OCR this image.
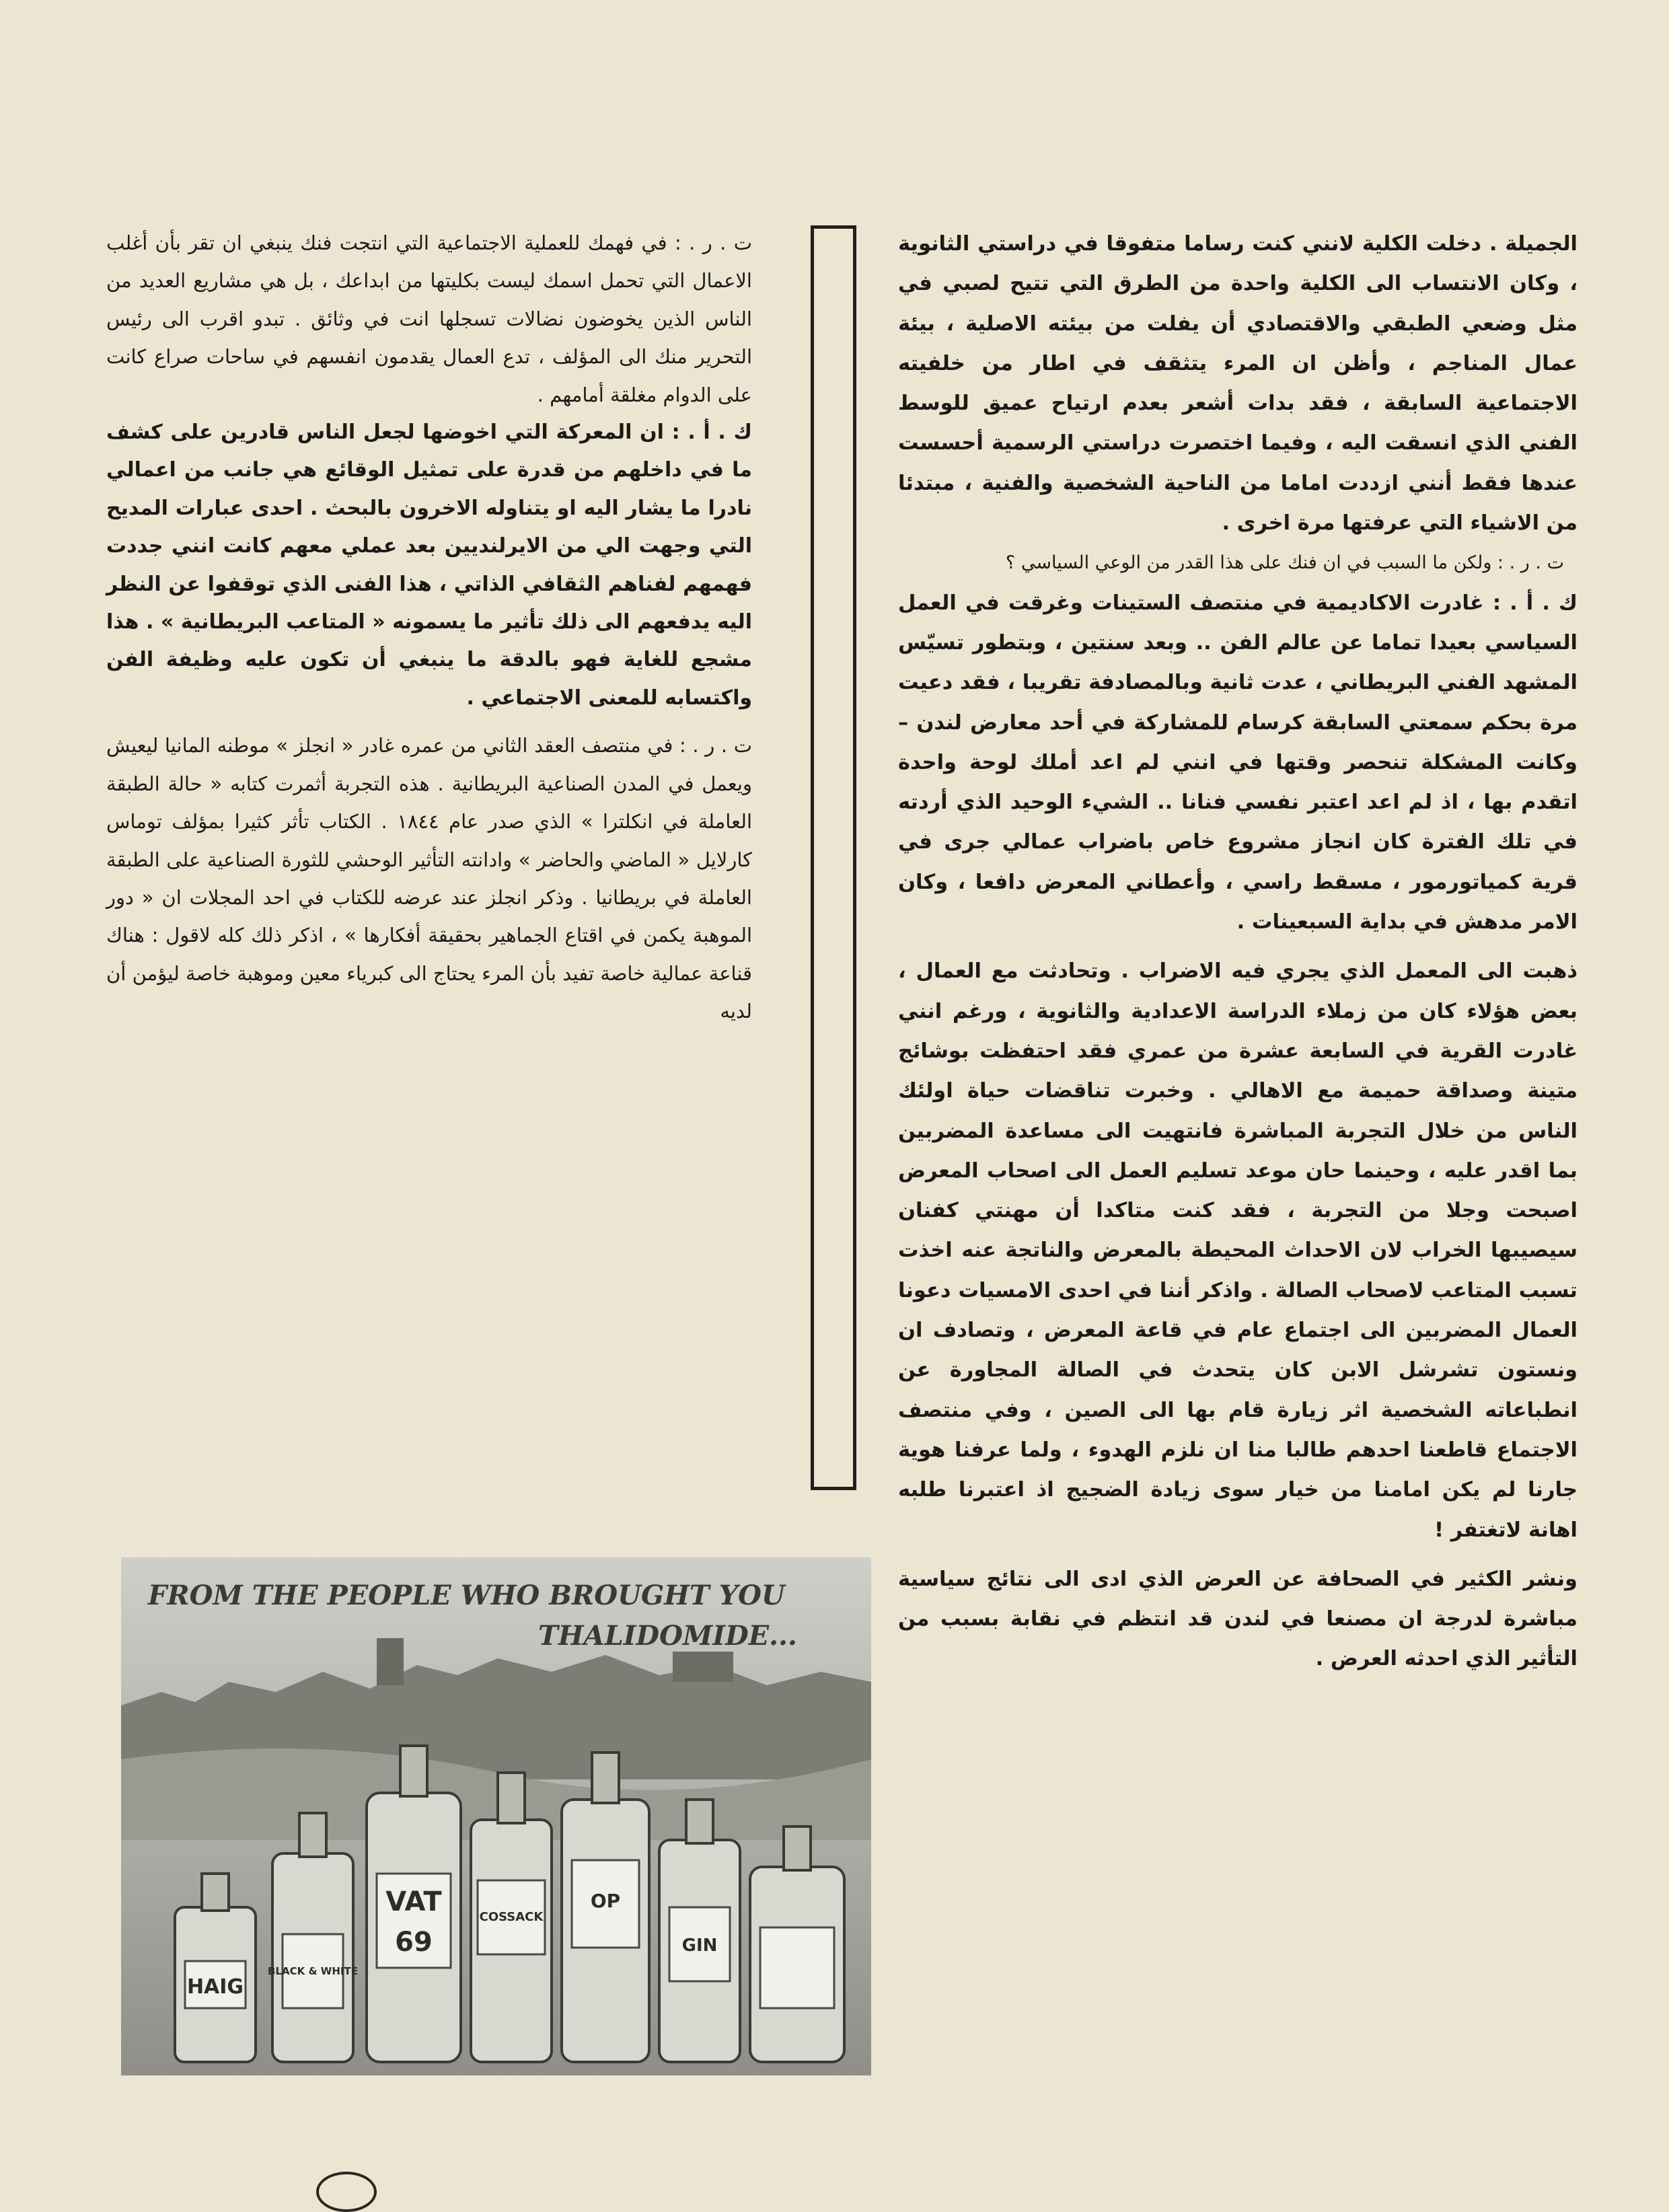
الجميلة . دخلت الكلية لانني كنت رساما متفوقا في دراستي الثانوية ، وكان الانتساب الى الكلية واحدة من الطرق التي تتيح لصبي في مثل وضعي الطبقي والاقتصادي أن يفلت من بيئته الاصلية ، بيئة عمال المناجم ، وأظن ان المرء يتثقف في اطار من خلفيته الاجتماعية السابقة ، فقد بدات أشعر بعدم ارتياح عميق للوسط الفني الذي انسقت اليه ، وفيما اختصرت دراستي الرسمية أحسست عندها فقط أنني ازددت اماما من الناحية الشخصية والفنية ، مبتدئا من الاشياء التي عرفتها مرة اخرى .

ت . ر . : ولكن ما السبب في ان فنك على هذا القدر من الوعي السياسي ؟

ك . أ . : غادرت الاكاديمية في منتصف الستينات وغرقت في العمل السياسي بعيدا تماما عن عالم الفن .. وبعد سنتين ، وبتطور تسيّس المشهد الفني البريطاني ، عدت ثانية وبالمصادفة تقريبا ، فقد دعيت مرة بحكم سمعتي السابقة كرسام للمشاركة في أحد معارض لندن – وكانت المشكلة تنحصر وقتها في انني لم اعد أملك لوحة واحدة اتقدم بها ، اذ لم اعد اعتبر نفسي فنانا .. الشيء الوحيد الذي أردته في تلك الفترة كان انجاز مشروع خاص باضراب عمالي جرى في قرية كمياتورمور ، مسقط راسي ، وأعطاني المعرض دافعا ، وكان الامر مدهش في بداية السبعينات .

ذهبت الى المعمل الذي يجري فيه الاضراب . وتحادثت مع العمال ، بعض هؤلاء كان من زملاء الدراسة الاعدادية والثانوية ، ورغم انني غادرت القرية في السابعة عشرة من عمري فقد احتفظت بوشائج متينة وصداقة حميمة مع الاهالي . وخبرت تناقضات حياة اولئك الناس من خلال التجربة المباشرة فانتهيت الى مساعدة المضربين بما اقدر عليه ، وحينما حان موعد تسليم العمل الى اصحاب المعرض اصبحت وجلا من التجربة ، فقد كنت متاكدا أن مهنتي كفنان سيصيبها الخراب لان الاحداث المحيطة بالمعرض والناتجة عنه اخذت تسبب المتاعب لاصحاب الصالة . واذكر أننا في احدى الامسيات دعونا العمال المضربين الى اجتماع عام في قاعة المعرض ، وتصادف ان ونستون تشرشل الابن كان يتحدث في الصالة المجاورة عن انطباعاته الشخصية اثر زيارة قام بها الى الصين ، وفي منتصف الاجتماع قاطعنا احدهم طالبا منا ان نلزم الهدوء ، ولما عرفنا هوية جارنا لم يكن امامنا من خيار سوى زيادة الضجيج اذ اعتبرنا طلبه اهانة لاتغتفر !

ونشر الكثير في الصحافة عن العرض الذي ادى الى نتائج سياسية مباشرة لدرجة ان مصنعا في لندن قد انتظم في نقابة بسبب من التأثير الذي احدثه العرض .

ت . ر . : في فهمك للعملية الاجتماعية التي انتجت فنك ينبغي ان تقر بأن أغلب الاعمال التي تحمل اسمك ليست بكليتها من ابداعك ، بل هي مشاريع العديد من الناس الذين يخوضون نضالات تسجلها انت في وثائق . تبدو اقرب الى رئيس التحرير منك الى المؤلف ، تدع العمال يقدمون انفسهم في ساحات صراع كانت على الدوام مغلقة أمامهم .

ك . أ . : ان المعركة التي اخوضها لجعل الناس قادرين على كشف ما في داخلهم من قدرة على تمثيل الوقائع هي جانب من اعمالي نادرا ما يشار اليه او يتناوله الاخرون بالبحث . احدى عبارات المديح التي وجهت الي من الايرلنديين بعد عملي معهم كانت انني جددت فهمهم لفناهم الثقافي الذاتي ، هذا الفنى الذي توقفوا عن النظر اليه يدفعهم الى ذلك تأثير ما يسمونه « المتاعب البريطانية » . هذا مشجع للغاية فهو بالدقة ما ينبغي أن تكون عليه وظيفة الفن واكتسابه للمعنى الاجتماعي .

ت . ر . : في منتصف العقد الثاني من عمره غادر « انجلز » موطنه المانيا ليعيش ويعمل في المدن الصناعية البريطانية . هذه التجربة أثمرت كتابه « حالة الطبقة العاملة في انكلترا » الذي صدر عام ١٨٤٤ . الكتاب تأثر كثيرا بمؤلف توماس كارلايل « الماضي والحاضر » وادانته التأثير الوحشي للثورة الصناعية على الطبقة العاملة في بريطانيا . وذكر انجلز عند عرضه للكتاب في احد المجلات ان « دور الموهبة يكمن في اقتاع الجماهير بحقيقة أفكارها » ، اذكر ذلك كله لاقول : هناك قناعة عمالية خاصة تفيد بأن المرء يحتاج الى كبرياء معين وموهبة خاصة ليؤمن أن لديه

HAIG
BLACK & WHITE
VAT
69
COSSACK
OP
GIN
FROM THE PEOPLE WHO BROUGHT YOU
THALIDOMIDE...
